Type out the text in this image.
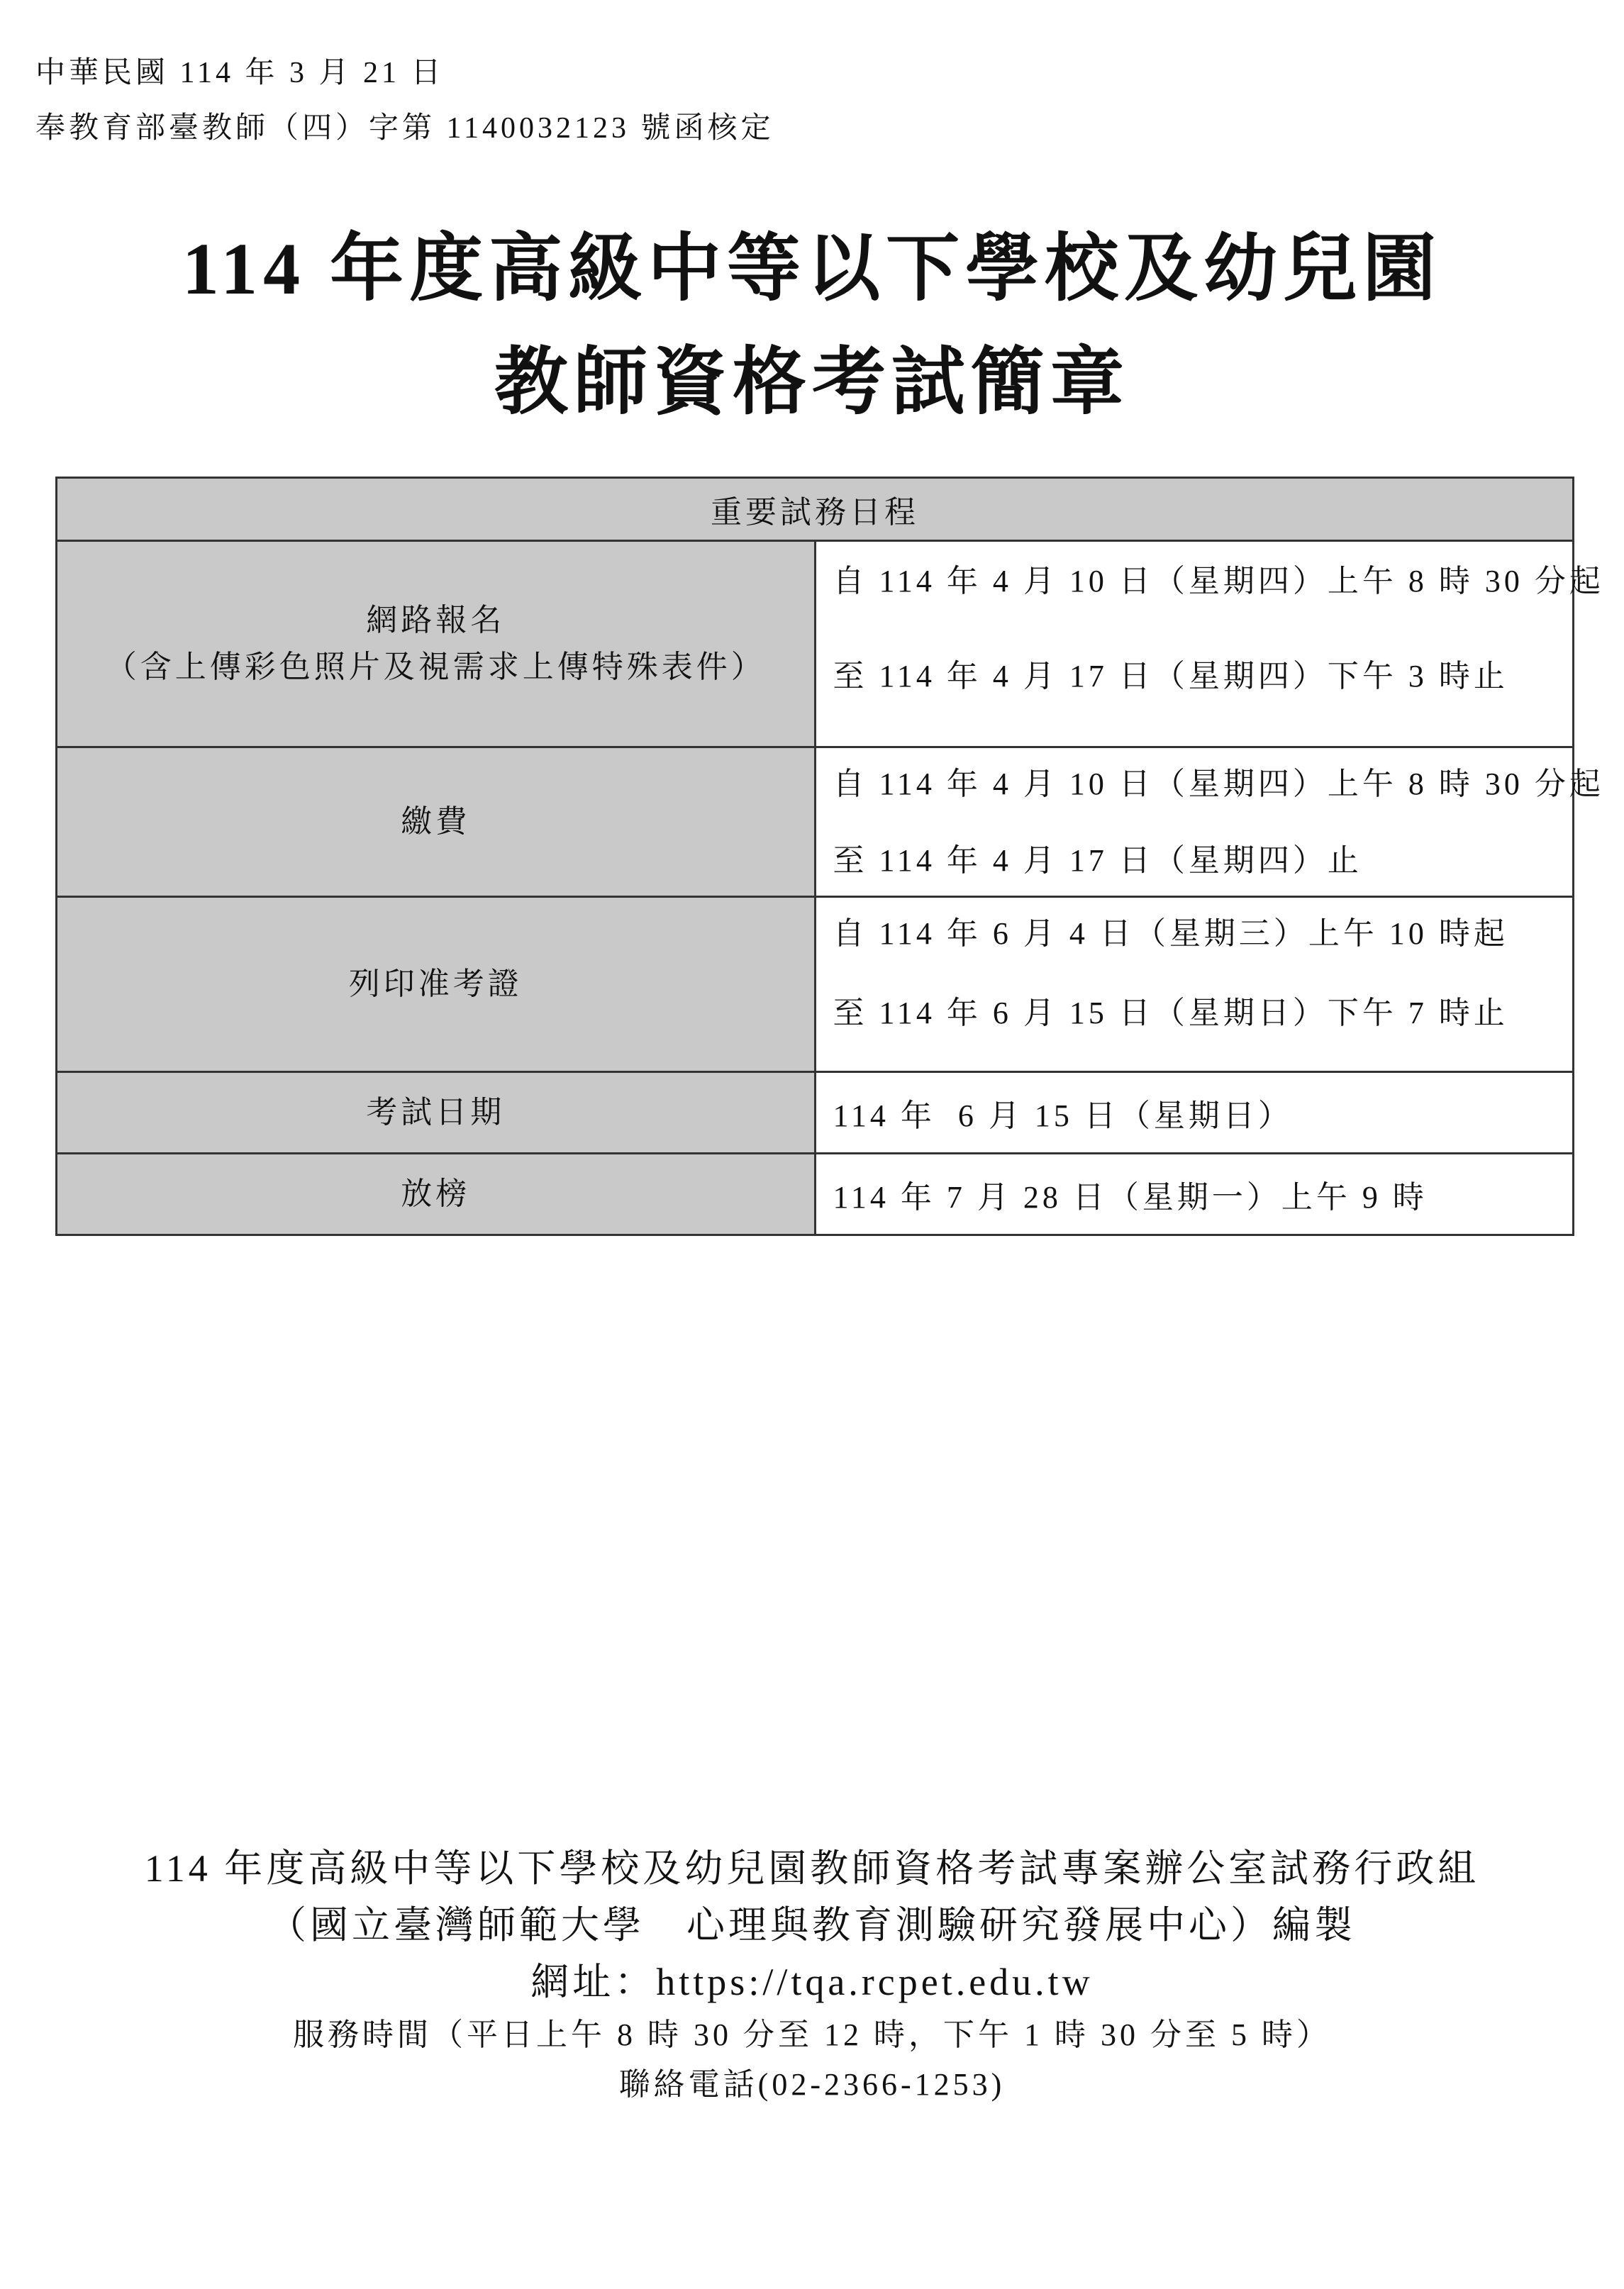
中華民國 114 年 3 月 21 日
奉教育部臺教師（四）字第 1140032123 號函核定
114 年度高級中等以下學校及幼兒園
教師資格考試簡章
重要試務日程	

網路報名
（含上傳彩色照片及視需求上傳特殊表件）	自 114 年 4 月 10 日（星期四）上午 8 時 30 分起
至 114 年 4 月 17 日（星期四）下午 3 時止

繳費	自 114 年 4 月 10 日（星期四）上午 8 時 30 分起
至 114 年 4 月 17 日（星期四）止

列印准考證	自 114 年 6 月 4 日（星期三）上午 10 時起
至 114 年 6 月 15 日（星期日）下午 7 時止

考試日期	114 年  6 月 15 日（星期日）

放榜	114 年 7 月 28 日（星期一）上午 9 時
114 年度高級中等以下學校及幼兒園教師資格考試專案辦公室試務行政組
（國立臺灣師範大學　心理與教育測驗研究發展中心）編製
網址：https://tqa.rcpet.edu.tw
服務時間（平日上午 8 時 30 分至 12 時，下午 1 時 30 分至 5 時）
聯絡電話(02-2366-1253)
